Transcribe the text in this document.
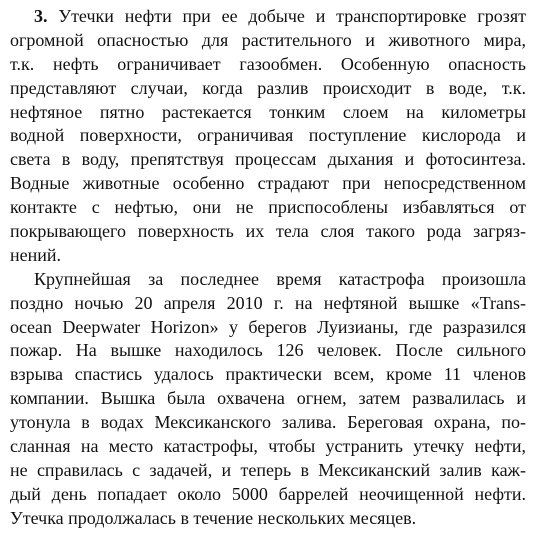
3. Утечки нефти при ее добыче и транспортировке грозят
огромной опасностью для растительного и животного мира,
т.к. нефть ограничивает газообмен. Особенную опасность
представляют случаи, когда разлив происходит в воде, т.к.
нефтяное пятно растекается тонким слоем на километры
водной поверхности, ограничивая поступление кислорода и
света в воду, препятствуя процессам дыхания и фотосинтеза.
Водные животные особенно страдают при непосредственном
контакте с нефтью, они не приспособлены избавляться от
покрывающего поверхность их тела слоя такого рода загряз-
нений.
Крупнейшая за последнее время катастрофа произошла
поздно ночью 20 апреля 2010 г. на нефтяной вышке «Trans-
ocean Deepwater Horizon» у берегов Луизианы, где разразился
пожар. На вышке находилось 126 человек. После сильного
взрыва спастись удалось практически всем, кроме 11 членов
компании. Вышка была охвачена огнем, затем развалилась и
утонула в водах Мексиканского залива. Береговая охрана, по-
сланная на место катастрофы, чтобы устранить утечку нефти,
не справилась с задачей, и теперь в Мексиканский залив каж-
дый день попадает около 5000 баррелей неочищенной нефти.
Утечка продолжалась в течение нескольких месяцев.
